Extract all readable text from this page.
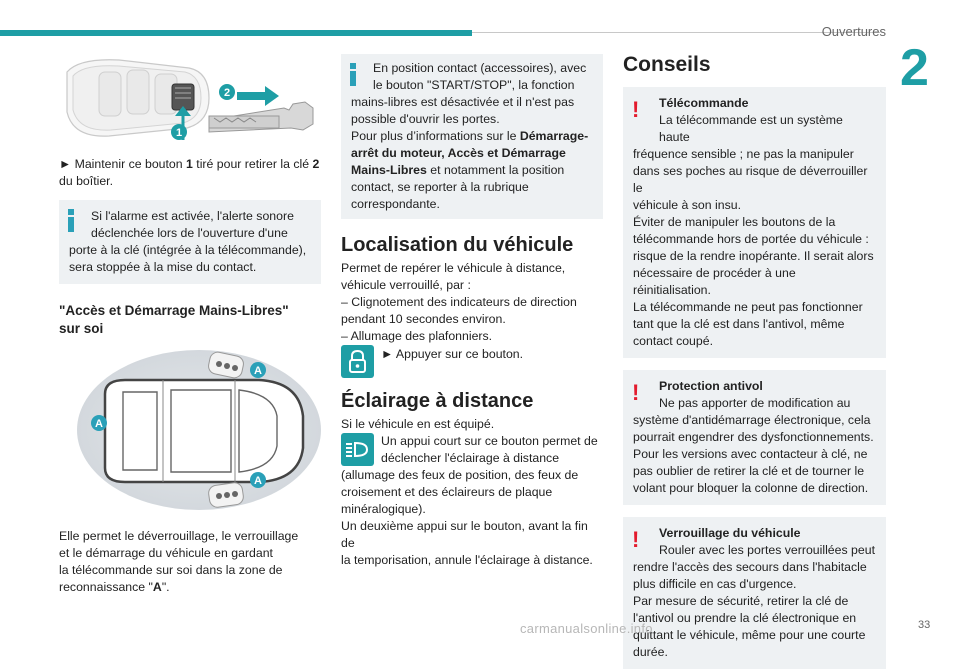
Ouvertures
2
1
2

► Maintenir ce bouton 1 tiré pour retirer la clé 2
du boîtier.

Si l'alarme est activée, l'alerte sonore

déclenchée lors de l'ouverture d'une

porte à la clé (intégrée à la télécommande),

sera stoppée à la mise du contact.

"Accès et Démarrage Mains-Libres"
sur soi
A
A
A

Elle permet le déverrouillage, le verrouillage

et le démarrage du véhicule en gardant

la télécommande sur soi dans la zone de

reconnaissance "A".

En position contact (accessoires), avec

le bouton "START/STOP", la fonction

mains-libres est désactivée et il n'est pas

possible d'ouvrir les portes.

Pour plus d’informations sur le Démarrage-

arrêt du moteur, Accès et Démarrage

Mains-Libres et notamment la position

contact, se reporter à la rubrique

correspondante.

Localisation du véhicule

Permet de repérer le véhicule à distance,

véhicule verrouillé, par :

– Clignotement des indicateurs de direction

pendant 10 secondes environ.

– Allumage des plafonniers.

► Appuyer sur ce bouton.

Éclairage à distance

Si le véhicule en est équipé.

Un appui court sur ce bouton permet de

déclencher l'éclairage à distance

(allumage des feux de position, des feux de

croisement et des éclaireurs de plaque

minéralogique).

Un deuxième appui sur le bouton, avant la fin de

la temporisation, annule l'éclairage à distance.

Conseils
!	Télécommande

La télécommande est un système haute

fréquence sensible ; ne pas la manipuler

dans ses poches au risque de déverrouiller le

véhicule à son insu.

Éviter de manipuler les boutons de la

télécommande hors de portée du véhicule :

risque de la rendre inopérante. Il serait alors

nécessaire de procéder à une réinitialisation.

La télécommande ne peut pas fonctionner

tant que la clé est dans l'antivol, même

contact coupé.

!	Protection antivol

Ne pas apporter de modification au

système d'antidémarrage électronique, cela

pourrait engendrer des dysfonctionnements.

Pour les versions avec contacteur à clé, ne

pas oublier de retirer la clé et de tourner le

volant pour bloquer la colonne de direction.

!	Verrouillage du véhicule

Rouler avec les portes verrouillées peut

rendre l'accès des secours dans l'habitacle

plus difficile en cas d'urgence.

Par mesure de sécurité, retirer la clé de

l'antivol ou prendre la clé électronique en

quittant le véhicule, même pour une courte

durée.

carmanualsonline.info	33
